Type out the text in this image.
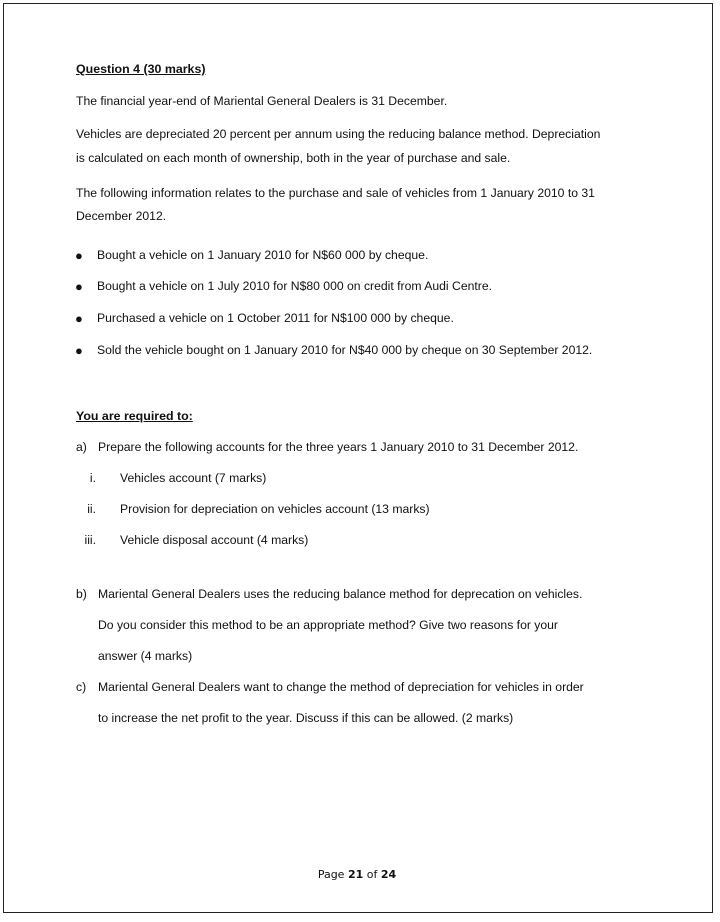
Question 4 (30 marks)
The financial year-end of Mariental General Dealers is 31 December.
Vehicles are depreciated 20 percent per annum using the reducing balance method. Depreciation
is calculated on each month of ownership, both in the year of purchase and sale.
The following information relates to the purchase and sale of vehicles from 1 January 2010 to 31
December 2012.
● Bought a vehicle on 1 January 2010 for N$60 000 by cheque.
● Bought a vehicle on 1 July 2010 for N$80 000 on credit from Audi Centre.
● Purchased a vehicle on 1 October 2011 for N$100 000 by cheque.
● Sold the vehicle bought on 1 January 2010 for N$40 000 by cheque on 30 September 2012.
You are required to:
a) Prepare the following accounts for the three years 1 January 2010 to 31 December 2012.
i. Vehicles account (7 marks)
ii. Provision for depreciation on vehicles account (13 marks)
iii. Vehicle disposal account (4 marks)
b) Mariental General Dealers uses the reducing balance method for deprecation on vehicles.
Do you consider this method to be an appropriate method? Give two reasons for your
answer (4 marks)
c) Mariental General Dealers want to change the method of depreciation for vehicles in order
to increase the net profit to the year. Discuss if this can be allowed. (2 marks)
Page 21 of 24
